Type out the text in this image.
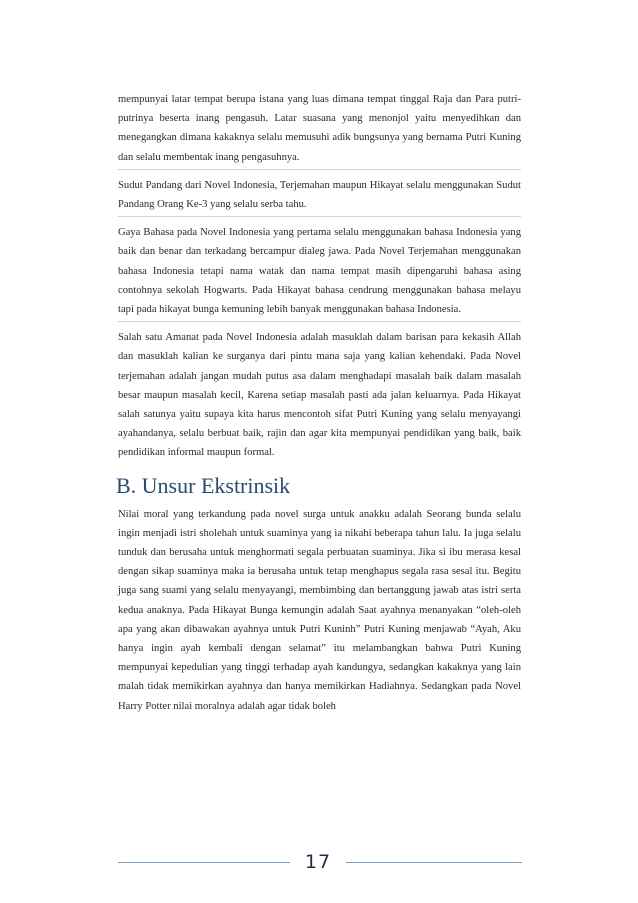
mempunyai latar tempat berupa istana yang luas dimana tempat tinggal Raja dan Para putri-putrinya beserta inang pengasuh. Latar suasana yang menonjol yaitu menyedihkan dan menegangkan dimana kakaknya selalu memusuhi adik bungsunya yang bernama Putri Kuning dan selalu membentak inang pengasuhnya.

Sudut Pandang dari Novel Indonesia, Terjemahan maupun Hikayat selalu menggunakan Sudut Pandang Orang Ke-3 yang selalu serba tahu.

Gaya Bahasa pada Novel Indonesia yang pertama selalu menggunakan bahasa Indonesia yang baik dan benar dan terkadang bercampur dialeg jawa. Pada Novel Terjemahan menggunakan bahasa Indonesia tetapi nama watak dan nama tempat masih dipengaruhi bahasa asing contohnya sekolah Hogwarts. Pada Hikayat bahasa cendrung menggunakan bahasa melayu tapi pada hikayat bunga kemuning lebih banyak menggunakan bahasa Indonesia.

Salah satu Amanat pada Novel Indonesia adalah masuklah dalam barisan para kekasih Allah dan masuklah kalian ke surganya dari pintu mana saja yang kalian kehendaki. Pada Novel terjemahan adalah jangan mudah putus asa dalam menghadapi masalah baik dalam masalah besar maupun masalah kecil, Karena setiap masalah pasti ada jalan keluarnya. Pada Hikayat salah satunya yaitu supaya kita harus mencontoh sifat Putri Kuning yang selalu menyayangi ayahandanya, selalu berbuat baik, rajin dan agar kita mempunyai pendidikan yang baik, baik pendidikan informal maupun formal.

B. Unsur Ekstrinsik

Nilai moral yang terkandung pada novel surga untuk anakku adalah Seorang bunda selalu ingin menjadi istri sholehah untuk suaminya yang ia nikahi beberapa tahun lalu. Ia juga selalu tunduk dan berusaha untuk menghormati segala perbuatan suaminya. Jika si ibu merasa kesal dengan sikap suaminya maka ia berusaha untuk tetap menghapus segala rasa sesal itu. Begitu juga sang suami yang selalu menyayangi, membimbing dan bertanggung jawab atas istri serta kedua anaknya. Pada Hikayat Bunga kemungin adalah Saat ayahnya menanyakan “oleh-oleh apa yang akan dibawakan ayahnya untuk Putri Kuninh” Putri Kuning menjawab “Ayah, Aku hanya ingin ayah kembali dengan selamat” itu melambangkan bahwa Putri Kuning mempunyai kepedulian yang tinggi terhadap ayah kandungya, sedangkan kakaknya yang lain malah tidak memikirkan ayahnya dan hanya memikirkan Hadiahnya. Sedangkan pada Novel Harry Potter nilai moralnya adalah agar tidak boleh

17
